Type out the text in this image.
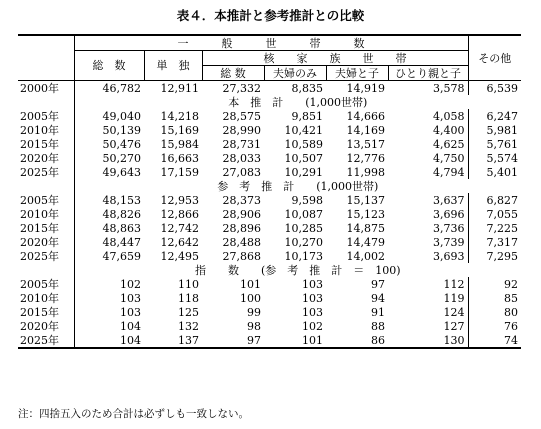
表４．本推計と参考推計との比較
	一　　　般　　　世　　　帯　　　数						その他
	総　数	単　独	核　　家　　族　　世　　帯				
			総 数	夫婦のみ	夫婦と子	ひとり親と子	
2000年	46,782	12,911	27,332	8,835	14,919	3,578	6,539
	本　推　計　　(1,000世帯)						
2005年	49,040	14,218	28,575	9,851	14,666	4,058	6,247
2010年	50,139	15,169	28,990	10,421	14,169	4,400	5,981
2015年	50,476	15,984	28,731	10,589	13,517	4,625	5,761
2020年	50,270	16,663	28,033	10,507	12,776	4,750	5,574
2025年	49,643	17,159	27,083	10,291	11,998	4,794	5,401
	参　考　推　計　　(1,000世帯)						
2005年	48,153	12,953	28,373	9,598	15,137	3,637	6,827
2010年	48,826	12,866	28,906	10,087	15,123	3,696	7,055
2015年	48,863	12,742	28,896	10,285	14,875	3,736	7,225
2020年	48,447	12,642	28,488	10,270	14,479	3,739	7,317
2025年	47,659	12,495	27,868	10,173	14,002	3,693	7,295
	指　　数　　(参　考　推　計　＝　100)						
2005年	102	110	101	103	97	112	92
2010年	103	118	100	103	94	119	85
2015年	103	125	99	103	91	124	80
2020年	104	132	98	102	88	127	76
2025年	104	137	97	101	86	130	74
注：四捨五入のため合計は必ずしも一致しない。
